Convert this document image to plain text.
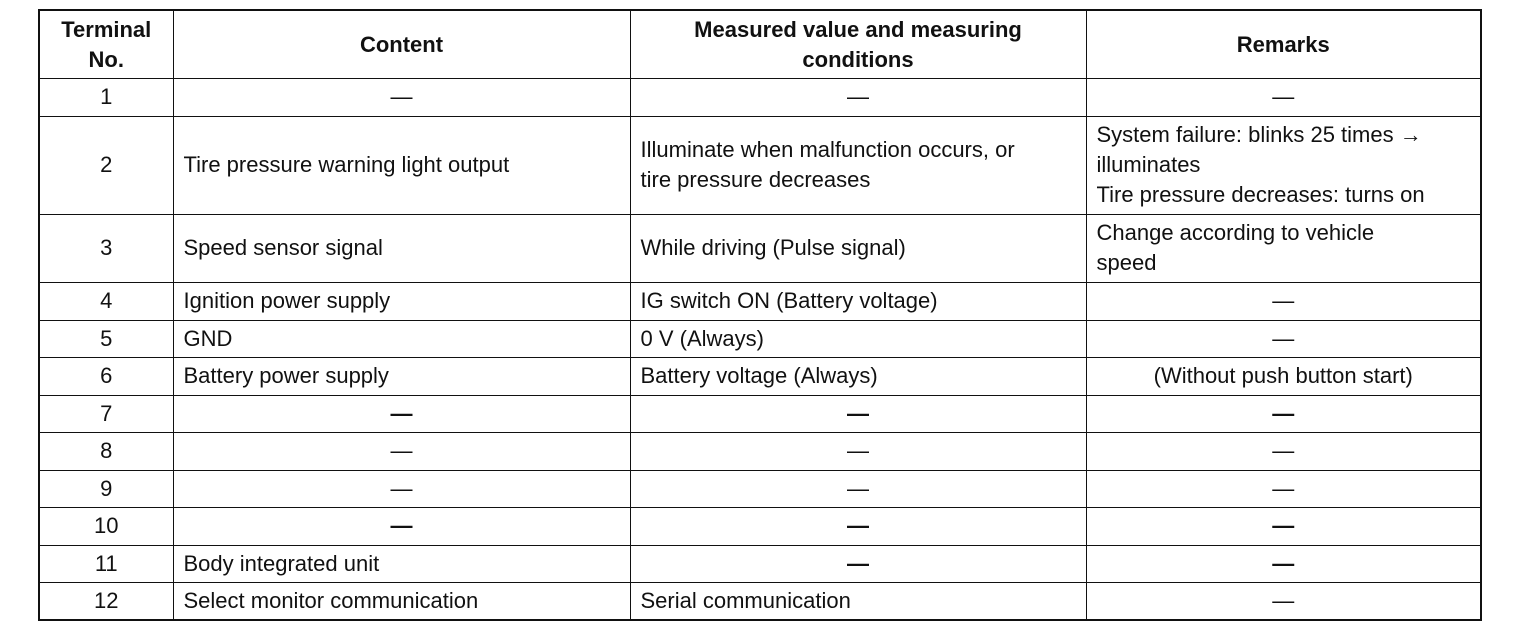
Terminal
No.	Content	Measured value and measuring
conditions	Remarks
1	—	—	—
2	Tire pressure warning light output	Illuminate when malfunction occurs, or
tire pressure decreases	System failure: blinks 25 times →
illuminates
Tire pressure decreases: turns on
3	Speed sensor signal	While driving (Pulse signal)	Change according to vehicle
speed
4	Ignition power supply	IG switch ON (Battery voltage)	—
5	GND	0 V (Always)	—
6	Battery power supply	Battery voltage (Always)	(Without push button start)
7	—	—	—
8	—	—	—
9	—	—	—
10	—	—	—
11	Body integrated unit	—	—
12	Select monitor communication	Serial communication	—
